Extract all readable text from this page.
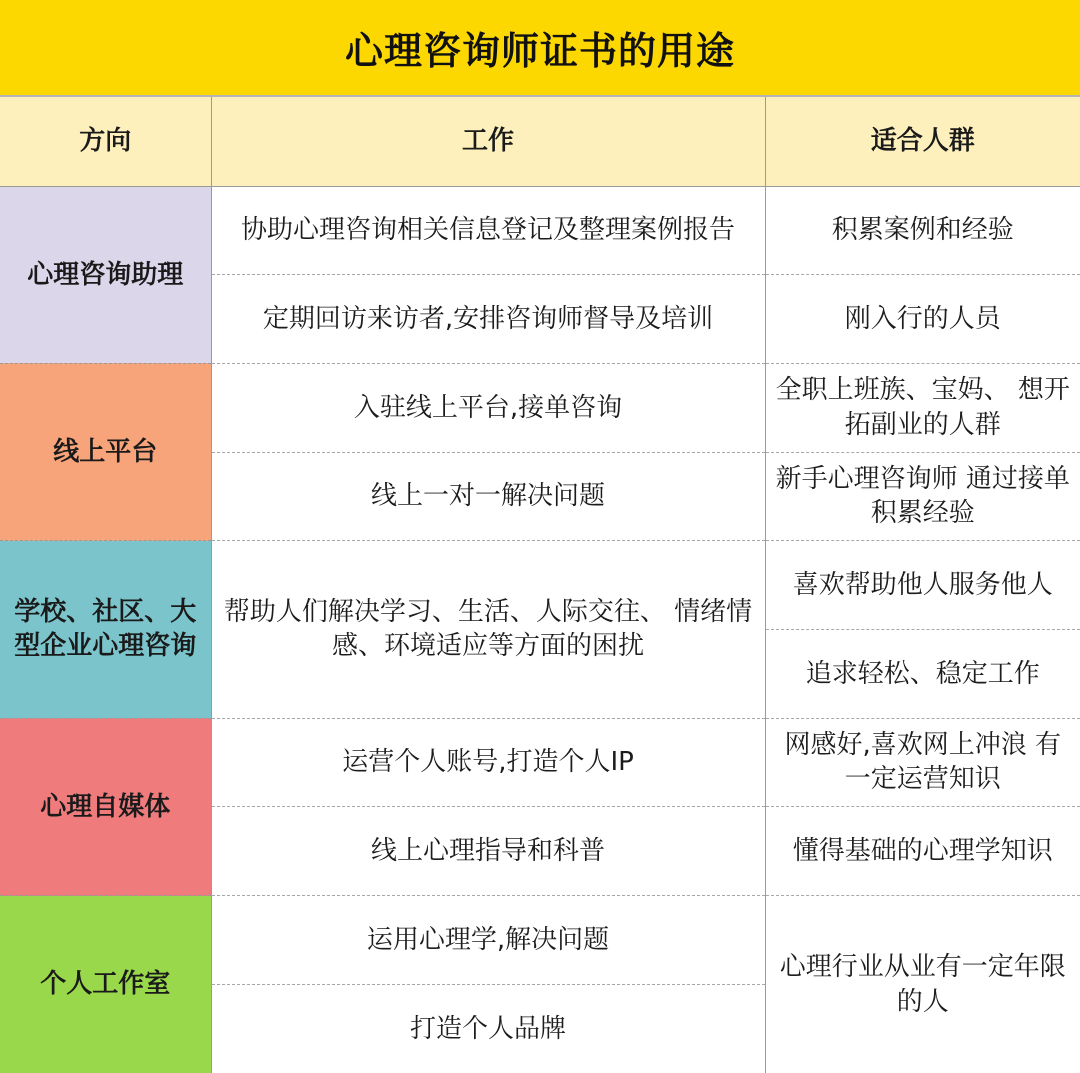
心理咨询师证书的用途
方向	工作	适合人群
心理咨询助理	协助心理咨询相关信息登记及整理案例报告	积累案例和经验
	定期回访来访者,安排咨询师督导及培训	刚入行的人员
线上平台	入驻线上平台,接单咨询	全职上班族、宝妈、 想开拓副业的人群
	线上一对一解决问题	新手心理咨询师 通过接单积累经验
学校、社区、大型企业心理咨询	帮助人们解决学习、生活、人际交往、 情绪情感、环境适应等方面的困扰	喜欢帮助他人服务他人
		追求轻松、稳定工作
心理自媒体	运营个人账号,打造个人IP	网感好,喜欢网上冲浪 有一定运营知识
	线上心理指导和科普	懂得基础的心理学知识
个人工作室	运用心理学,解决问题	心理行业从业有一定年限的人
	打造个人品牌	
